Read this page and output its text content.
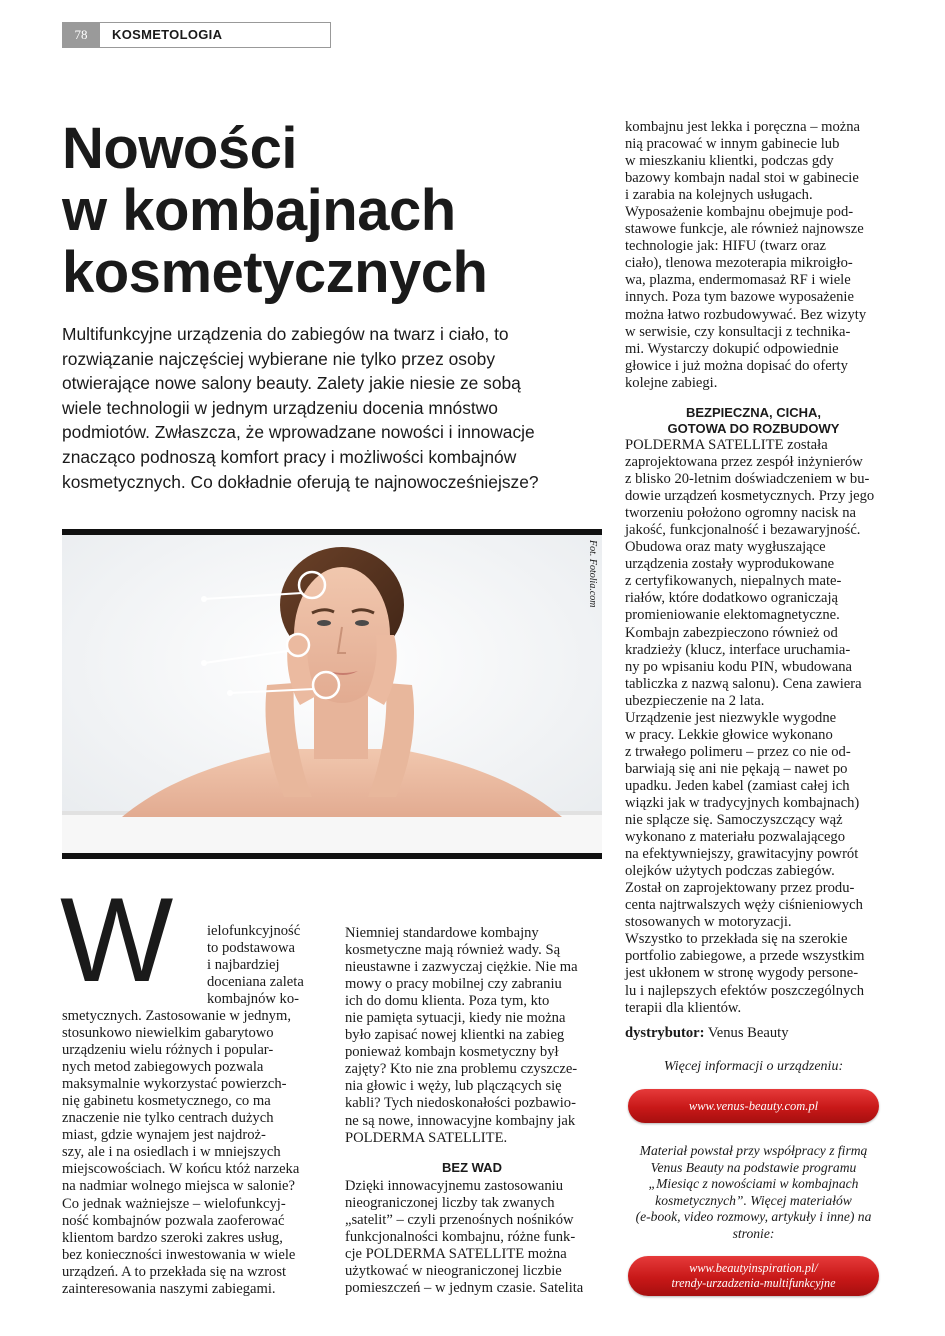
78	KOSMETOLOGIA
Nowości
w kombajnach
kosmetycznych
Multifunkcyjne urządzenia do zabiegów na twarz i ciało, to
rozwiązanie najczęściej wybierane nie tylko przez osoby
otwierające nowe salony beauty. Zalety jakie niesie ze sobą
wiele technologii w jednym urządzeniu docenia mnóstwo
podmiotów. Zwłaszcza, że wprowadzane nowości i innowacje
znacząco podnoszą komfort pracy i możliwości kombajnów
kosmetycznych. Co dokładnie oferują te najnowocześniejsze?
Fot. Fotolia.com
W ielofunkcyjność
to podstawowa
i najbardziej
doceniana zaleta
kombajnów ko-
smetycznych. Zastosowanie w jednym,
stosunkowo niewielkim gabarytowo
urządzeniu wielu różnych i popular-
nych metod zabiegowych pozwala
maksymalnie wykorzystać powierzch-
nię gabinetu kosmetycznego, co ma
znaczenie nie tylko centrach dużych
miast, gdzie wynajem jest najdroż-
szy, ale i na osiedlach i w mniejszych
miejscowościach. W końcu któż narzeka
na nadmiar wolnego miejsca w salonie?
Co jednak ważniejsze – wielofunkcyj-
ność kombajnów pozwala zaoferować
klientom bardzo szeroki zakres usług,
bez konieczności inwestowania w wiele
urządzeń. A to przekłada się na wzrost
zainteresowania naszymi zabiegami.
Niemniej standardowe kombajny
kosmetyczne mają również wady. Są
nieustawne i zazwyczaj ciężkie. Nie ma
mowy o pracy mobilnej czy zabraniu
ich do domu klienta. Poza tym, kto
nie pamięta sytuacji, kiedy nie można
było zapisać nowej klientki na zabieg
ponieważ kombajn kosmetyczny był
zajęty? Kto nie zna problemu czyszcze-
nia głowic i węży, lub plączących się
kabli? Tych niedoskonałości pozbawio-
ne są nowe, innowacyjne kombajny jak
POLDERMA SATELLITE.
BEZ WAD
Dzięki innowacyjnemu zastosowaniu
nieograniczonej liczby tak zwanych
„satelit” – czyli przenośnych nośników
funkcjonalności kombajnu, różne funk-
cje POLDERMA SATELLITE można
użytkować w nieograniczonej liczbie
pomieszczeń – w jednym czasie. Satelita
kombajnu jest lekka i poręczna – można
nią pracować w innym gabinecie lub
w mieszkaniu klientki, podczas gdy
bazowy kombajn nadal stoi w gabinecie
i zarabia na kolejnych usługach.
Wyposażenie kombajnu obejmuje pod-
stawowe funkcje, ale również najnowsze
technologie jak: HIFU (twarz oraz
ciało), tlenowa mezoterapia mikroigło-
wa, plazma, endermomasaż RF i wiele
innych. Poza tym bazowe wyposażenie
można łatwo rozbudowywać. Bez wizyty
w serwisie, czy konsultacji z technika-
mi. Wystarczy dokupić odpowiednie
głowice i już można dopisać do oferty
kolejne zabiegi.
BEZPIECZNA, CICHA,
GOTOWA DO ROZBUDOWY
POLDERMA SATELLITE została
zaprojektowana przez zespół inżynierów
z blisko 20-letnim doświadczeniem w bu-
dowie urządzeń kosmetycznych. Przy jego
tworzeniu położono ogromny nacisk na
jakość, funkcjonalność i bezawaryjność.
Obudowa oraz maty wygłuszające
urządzenia zostały wyprodukowane
z certyfikowanych, niepalnych mate-
riałów, które dodatkowo ograniczają
promieniowanie elektomagnetyczne.
Kombajn zabezpieczono również od
kradzieży (klucz, interface uruchamia-
ny po wpisaniu kodu PIN, wbudowana
tabliczka z nazwą salonu). Cena zawiera
ubezpieczenie na 2 lata.
Urządzenie jest niezwykle wygodne
w pracy. Lekkie głowice wykonano
z trwałego polimeru – przez co nie od-
barwiają się ani nie pękają – nawet po
upadku. Jeden kabel (zamiast całej ich
wiązki jak w tradycyjnych kombajnach)
nie splącze się. Samoczyszczący wąż
wykonano z materiału pozwalającego
na efektywniejszy, grawitacyjny powrót
olejków użytych podczas zabiegów.
Został on zaprojektowany przez produ-
centa najtrwalszych węży ciśnieniowych
stosowanych w motoryzacji.
Wszystko to przekłada się na szerokie
portfolio zabiegowe, a przede wszystkim
jest ukłonem w stronę wygody persone-
lu i najlepszych efektów poszczególnych
terapii dla klientów.
dystrybutor: Venus Beauty
Więcej informacji o urządzeniu:
www.venus-beauty.com.pl
Materiał powstał przy współpracy z firmą
Venus Beauty na podstawie programu
„Miesiąc z nowościami w kombajnach
kosmetycznych”. Więcej materiałów
(e-book, video rozmowy, artykuły i inne) na
stronie:
www.beautyinspiration.pl/
trendy-urzadzenia-multifunkcyjne
